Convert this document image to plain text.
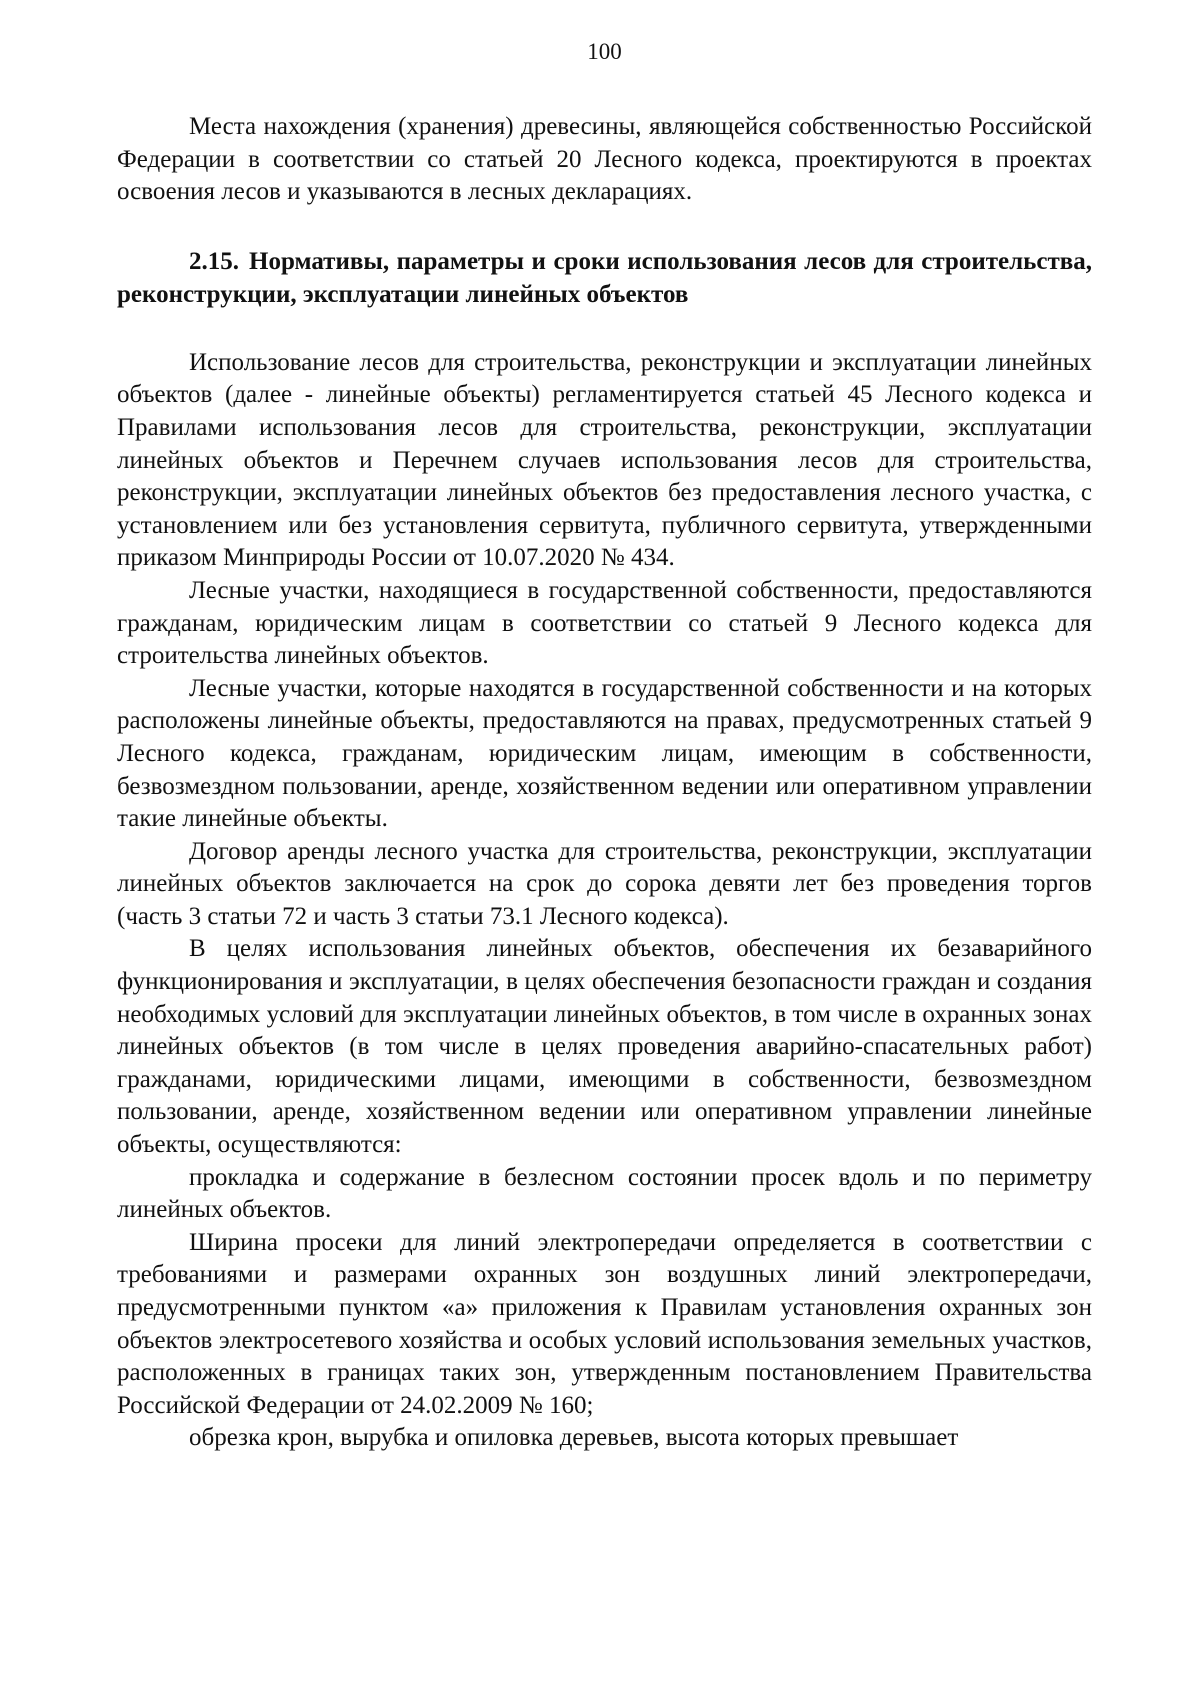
100

Места нахождения (хранения) древесины, являющейся собственностью Российской Федерации в соответствии со статьей 20 Лесного кодекса, проектируются в проектах освоения лесов и указываются в лесных декларациях.

2.15. Нормативы, параметры и сроки использования лесов для строительства, реконструкции, эксплуатации линейных объектов

Использование лесов для строительства, реконструкции и эксплуатации линейных объектов (далее - линейные объекты) регламентируется статьей 45 Лесного кодекса и Правилами использования лесов для строительства, реконструкции, эксплуатации линейных объектов и Перечнем случаев использования лесов для строительства, реконструкции, эксплуатации линейных объектов без предоставления лесного участка, с установлением или без установления сервитута, публичного сервитута, утвержденными приказом Минприроды России от 10.07.2020 № 434.

Лесные участки, находящиеся в государственной собственности, предоставляются гражданам, юридическим лицам в соответствии со статьей 9 Лесного кодекса для строительства линейных объектов.

Лесные участки, которые находятся в государственной собственности и на которых расположены линейные объекты, предоставляются на правах, предусмотренных статьей 9 Лесного кодекса, гражданам, юридическим лицам, имеющим в собственности, безвозмездном пользовании, аренде, хозяйственном ведении или оперативном управлении такие линейные объекты.

Договор аренды лесного участка для строительства, реконструкции, эксплуатации линейных объектов заключается на срок до сорока девяти лет без проведения торгов (часть 3 статьи 72 и часть 3 статьи 73.1 Лесного кодекса).

В целях использования линейных объектов, обеспечения их безаварийного функционирования и эксплуатации, в целях обеспечения безопасности граждан и создания необходимых условий для эксплуатации линейных объектов, в том числе в охранных зонах линейных объектов (в том числе в целях проведения аварийно-спасательных работ) гражданами, юридическими лицами, имеющими в собственности, безвозмездном пользовании, аренде, хозяйственном ведении или оперативном управлении линейные объекты, осуществляются:

прокладка и содержание в безлесном состоянии просек вдоль и по периметру линейных объектов.

Ширина просеки для линий электропередачи определяется в соответствии с требованиями и размерами охранных зон воздушных линий электропередачи, предусмотренными пунктом «а» приложения к Правилам установления охранных зон объектов электросетевого хозяйства и особых условий использования земельных участков, расположенных в границах таких зон, утвержденным постановлением Правительства Российской Федерации от 24.02.2009 № 160;

обрезка крон, вырубка и опиловка деревьев, высота которых превышает
